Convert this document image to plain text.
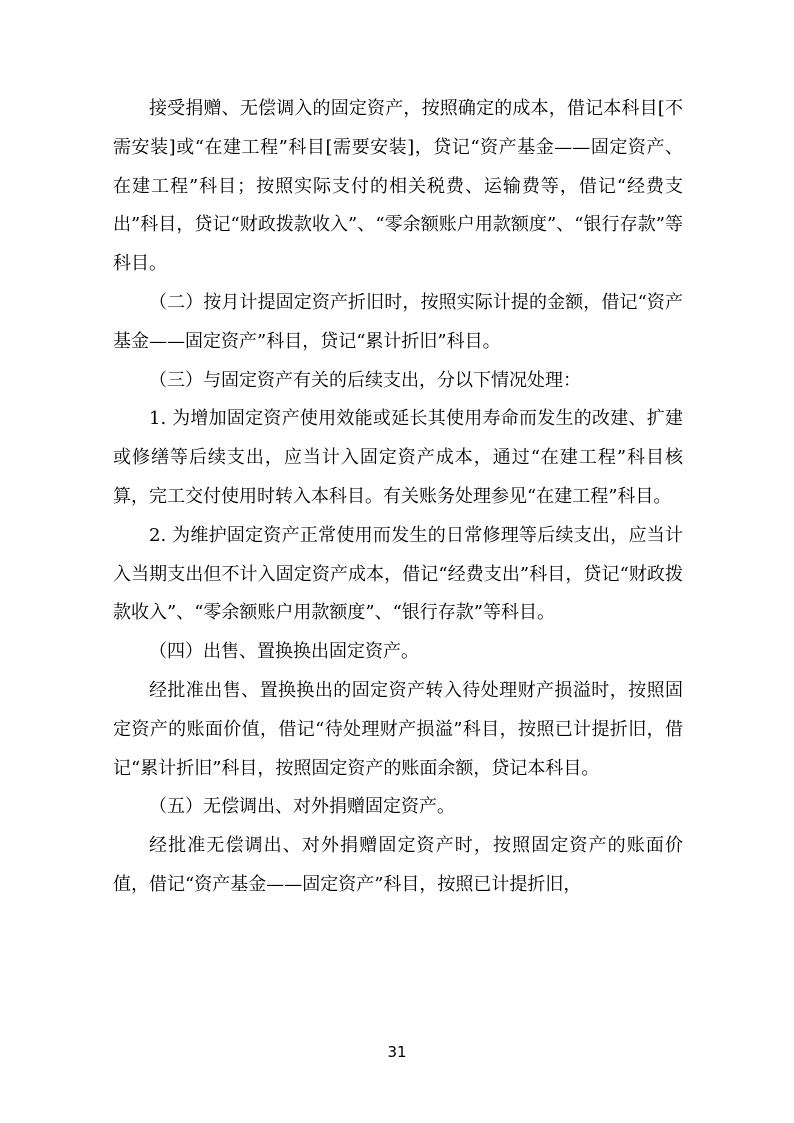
接受捐赠、无偿调入的固定资产，按照确定的成本，借记本科目[不需安装]或“在建工程”科目[需要安装]，贷记“资产基金——固定资产、在建工程”科目；按照实际支付的相关税费、运输费等，借记“经费支出”科目，贷记“财政拨款收入”、“零余额账户用款额度”、“银行存款”等科目。

（二）按月计提固定资产折旧时，按照实际计提的金额，借记“资产基金——固定资产”科目，贷记“累计折旧”科目。

（三）与固定资产有关的后续支出，分以下情况处理：

1. 为增加固定资产使用效能或延长其使用寿命而发生的改建、扩建或修缮等后续支出，应当计入固定资产成本，通过“在建工程”科目核算，完工交付使用时转入本科目。有关账务处理参见“在建工程”科目。

2. 为维护固定资产正常使用而发生的日常修理等后续支出，应当计入当期支出但不计入固定资产成本，借记“经费支出”科目，贷记“财政拨款收入”、“零余额账户用款额度”、“银行存款”等科目。

（四）出售、置换换出固定资产。

经批准出售、置换换出的固定资产转入待处理财产损溢时，按照固定资产的账面价值，借记“待处理财产损溢”科目，按照已计提折旧，借记“累计折旧”科目，按照固定资产的账面余额，贷记本科目。

（五）无偿调出、对外捐赠固定资产。

经批准无偿调出、对外捐赠固定资产时，按照固定资产的账面价值，借记“资产基金——固定资产”科目，按照已计提折旧，

31
